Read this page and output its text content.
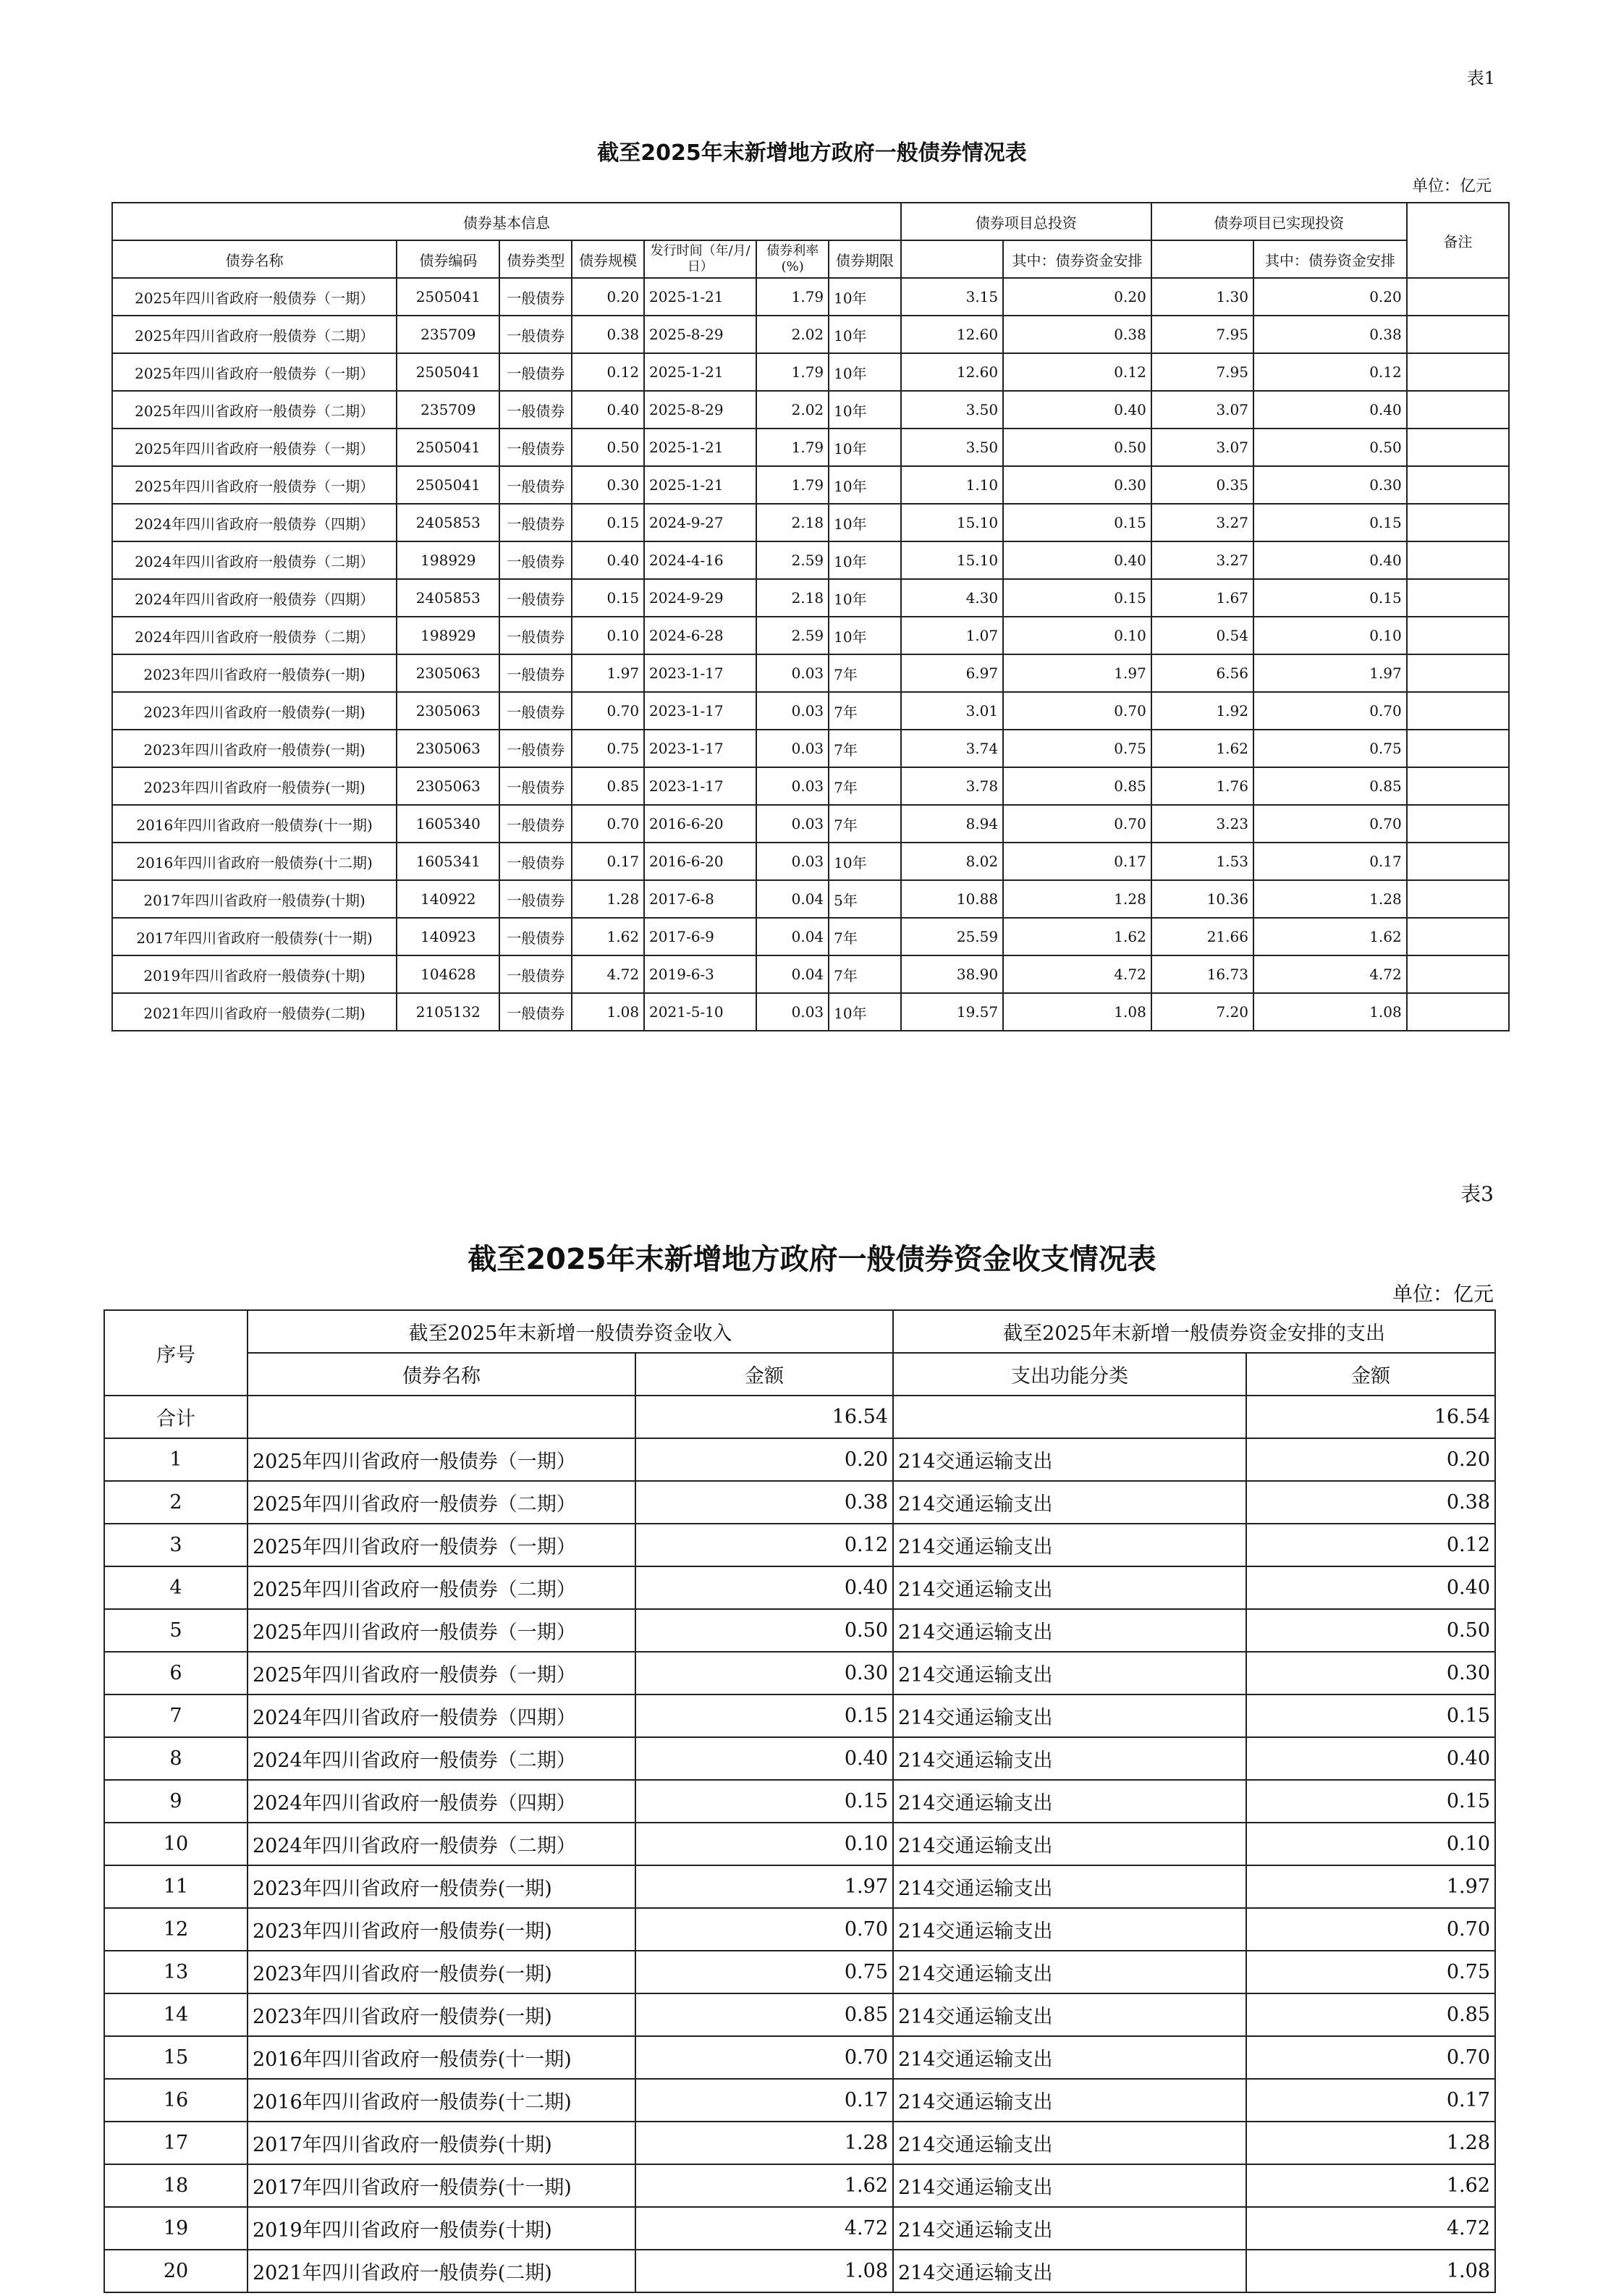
表1
截至2025年末新增地方政府一般债券情况表
单位：亿元
债券基本信息							债券项目总投资		债券项目已实现投资		备注
债券名称	债券编码	债券类型	债券规模	发行时间（年/月/日）	债券利率(%)	债券期限		其中：债券资金安排		其中：债券资金安排	
2025年四川省政府一般债券（一期）	2505041	一般债券	0.20	2025-1-21	1.79	10年	3.15	0.20	1.30	0.20	
2025年四川省政府一般债券（二期）	235709	一般债券	0.38	2025-8-29	2.02	10年	12.60	0.38	7.95	0.38	
2025年四川省政府一般债券（一期）	2505041	一般债券	0.12	2025-1-21	1.79	10年	12.60	0.12	7.95	0.12	
2025年四川省政府一般债券（二期）	235709	一般债券	0.40	2025-8-29	2.02	10年	3.50	0.40	3.07	0.40	
2025年四川省政府一般债券（一期）	2505041	一般债券	0.50	2025-1-21	1.79	10年	3.50	0.50	3.07	0.50	
2025年四川省政府一般债券（一期）	2505041	一般债券	0.30	2025-1-21	1.79	10年	1.10	0.30	0.35	0.30	
2024年四川省政府一般债券（四期）	2405853	一般债券	0.15	2024-9-27	2.18	10年	15.10	0.15	3.27	0.15	
2024年四川省政府一般债券（二期）	198929	一般债券	0.40	2024-4-16	2.59	10年	15.10	0.40	3.27	0.40	
2024年四川省政府一般债券（四期）	2405853	一般债券	0.15	2024-9-29	2.18	10年	4.30	0.15	1.67	0.15	
2024年四川省政府一般债券（二期）	198929	一般债券	0.10	2024-6-28	2.59	10年	1.07	0.10	0.54	0.10	
2023年四川省政府一般债券(一期)	2305063	一般债券	1.97	2023-1-17	0.03	7年	6.97	1.97	6.56	1.97	
2023年四川省政府一般债券(一期)	2305063	一般债券	0.70	2023-1-17	0.03	7年	3.01	0.70	1.92	0.70	
2023年四川省政府一般债券(一期)	2305063	一般债券	0.75	2023-1-17	0.03	7年	3.74	0.75	1.62	0.75	
2023年四川省政府一般债券(一期)	2305063	一般债券	0.85	2023-1-17	0.03	7年	3.78	0.85	1.76	0.85	
2016年四川省政府一般债券(十一期)	1605340	一般债券	0.70	2016-6-20	0.03	7年	8.94	0.70	3.23	0.70	
2016年四川省政府一般债券(十二期)	1605341	一般债券	0.17	2016-6-20	0.03	10年	8.02	0.17	1.53	0.17	
2017年四川省政府一般债券(十期)	140922	一般债券	1.28	2017-6-8	0.04	5年	10.88	1.28	10.36	1.28	
2017年四川省政府一般债券(十一期)	140923	一般债券	1.62	2017-6-9	0.04	7年	25.59	1.62	21.66	1.62	
2019年四川省政府一般债券(十期)	104628	一般债券	4.72	2019-6-3	0.04	7年	38.90	4.72	16.73	4.72	
2021年四川省政府一般债券(二期)	2105132	一般债券	1.08	2021-5-10	0.03	10年	19.57	1.08	7.20	1.08	
表3
截至2025年末新增地方政府一般债券资金收支情况表
单位：亿元
序号	截至2025年末新增一般债券资金收入		截至2025年末新增一般债券资金安排的支出	
	债券名称	金额	支出功能分类	金额
合计		16.54		16.54
1	2025年四川省政府一般债券（一期）	0.20	214交通运输支出	0.20
2	2025年四川省政府一般债券（二期）	0.38	214交通运输支出	0.38
3	2025年四川省政府一般债券（一期）	0.12	214交通运输支出	0.12
4	2025年四川省政府一般债券（二期）	0.40	214交通运输支出	0.40
5	2025年四川省政府一般债券（一期）	0.50	214交通运输支出	0.50
6	2025年四川省政府一般债券（一期）	0.30	214交通运输支出	0.30
7	2024年四川省政府一般债券（四期）	0.15	214交通运输支出	0.15
8	2024年四川省政府一般债券（二期）	0.40	214交通运输支出	0.40
9	2024年四川省政府一般债券（四期）	0.15	214交通运输支出	0.15
10	2024年四川省政府一般债券（二期）	0.10	214交通运输支出	0.10
11	2023年四川省政府一般债券(一期)	1.97	214交通运输支出	1.97
12	2023年四川省政府一般债券(一期)	0.70	214交通运输支出	0.70
13	2023年四川省政府一般债券(一期)	0.75	214交通运输支出	0.75
14	2023年四川省政府一般债券(一期)	0.85	214交通运输支出	0.85
15	2016年四川省政府一般债券(十一期)	0.70	214交通运输支出	0.70
16	2016年四川省政府一般债券(十二期)	0.17	214交通运输支出	0.17
17	2017年四川省政府一般债券(十期)	1.28	214交通运输支出	1.28
18	2017年四川省政府一般债券(十一期)	1.62	214交通运输支出	1.62
19	2019年四川省政府一般债券(十期)	4.72	214交通运输支出	4.72
20	2021年四川省政府一般债券(二期)	1.08	214交通运输支出	1.08
